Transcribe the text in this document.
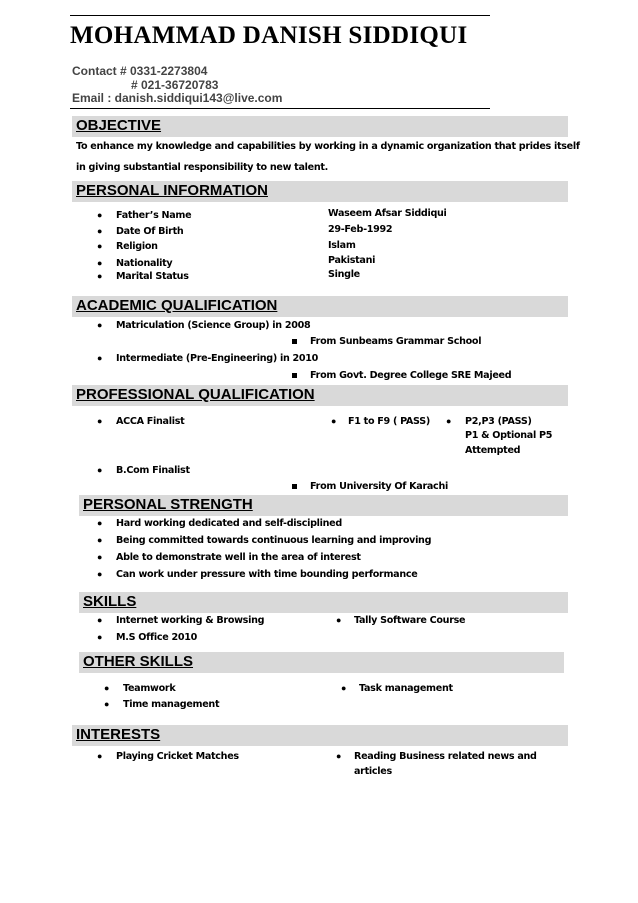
MOHAMMAD DANISH SIDDIQUI
Contact # 0331-2273804
# 021-36720783
Email : danish.siddiqui143@live.com
OBJECTIVE
To enhance my knowledge and capabilities by working in a dynamic organization that prides itself
in giving substantial responsibility to new talent.
PERSONAL INFORMATION
● Father’s Name	Waseem Afsar Siddiqui
● Date Of Birth	29-Feb-1992
● Religion	Islam
● Nationality	Pakistani
● Marital Status	Single
ACADEMIC QUALIFICATION
● Matriculation (Science Group) in 2008
From Sunbeams Grammar School
● Intermediate (Pre-Engineering) in 2010
From Govt. Degree College SRE Majeed
PROFESSIONAL QUALIFICATION
● ACCA Finalist	● F1 to F9 ( PASS) ● P2,P3 (PASS)
P1 & Optional P5
Attempted
● B.Com Finalist
From University Of Karachi
PERSONAL STRENGTH
● Hard working dedicated and self-disciplined
● Being committed towards continuous learning and improving
● Able to demonstrate well in the area of interest
● Can work under pressure with time bounding performance
SKILLS
● Internet working & Browsing	● Tally Software Course
● M.S Office 2010
OTHER SKILLS
● Teamwork	● Task management
● Time management
INTERESTS
● Playing Cricket Matches	● Reading Business related news and
articles
